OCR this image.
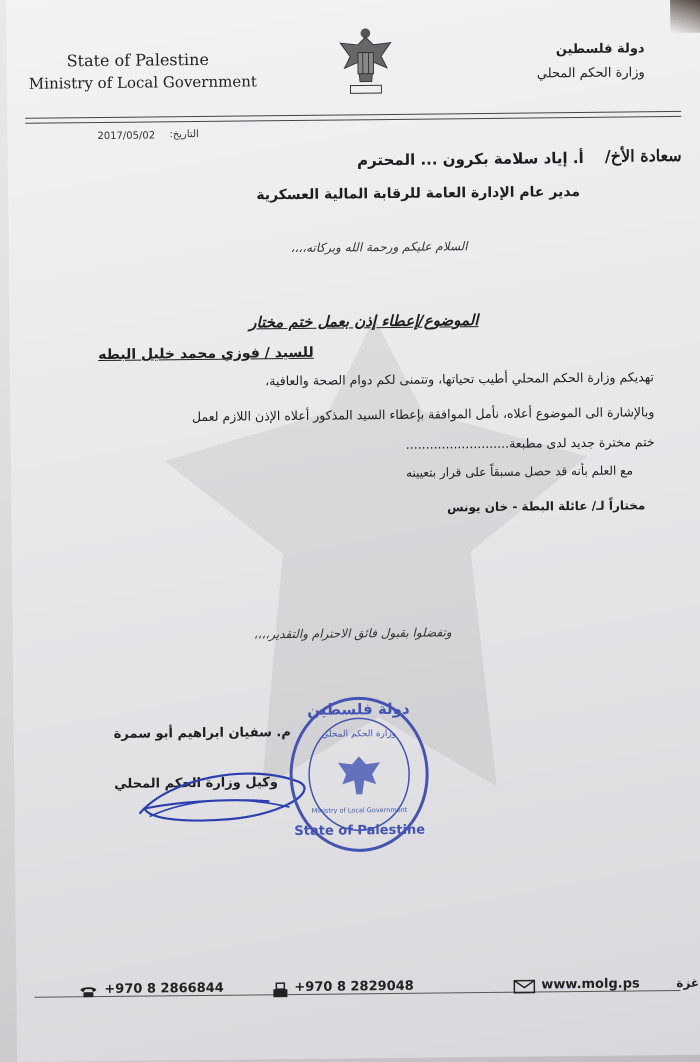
State of Palestine
Ministry of Local Government
دولة فلسطين
وزارة الحكم المحلي
2017/05/02 التاريخ:
سعادة الأخ/
أ. إياد سلامة بكرون ... المحترم
مدير عام الإدارة العامة للرقابة المالية العسكرية
السلام عليكم ورحمة الله وبركاته،،،،
الموضوع/إعطاء إذن بعمل ختم مختار
للسيد / فوزي محمد خليل البطه
تهديكم وزارة الحكم المحلي أطيب تحياتها، وتتمنى لكم دوام الصحة والعافية،
وبالإشارة الى الموضوع أعلاه، نأمل الموافقة بإعطاء السيد المذكور أعلاه الإذن اللازم لعمل
ختم مخترة جديد لدى مطبعة..........................
مع العلم بأنه قد حصل مسبقاً على قرار بتعيينه
مختاراً لـ/ عائلة البطة - خان يونس
وتفضلوا بقبول فائق الاحترام والتقدير،،،،
م. سفيان ابراهيم أبو سمرة
وكيل وزارة الحكم المحلي
دولة فلسطين
وزارة الحكم المحلي
Ministry of Local Government
State of Palestine
+970 8 2866844	+970 8 2829048	www.molg.ps	غزة
